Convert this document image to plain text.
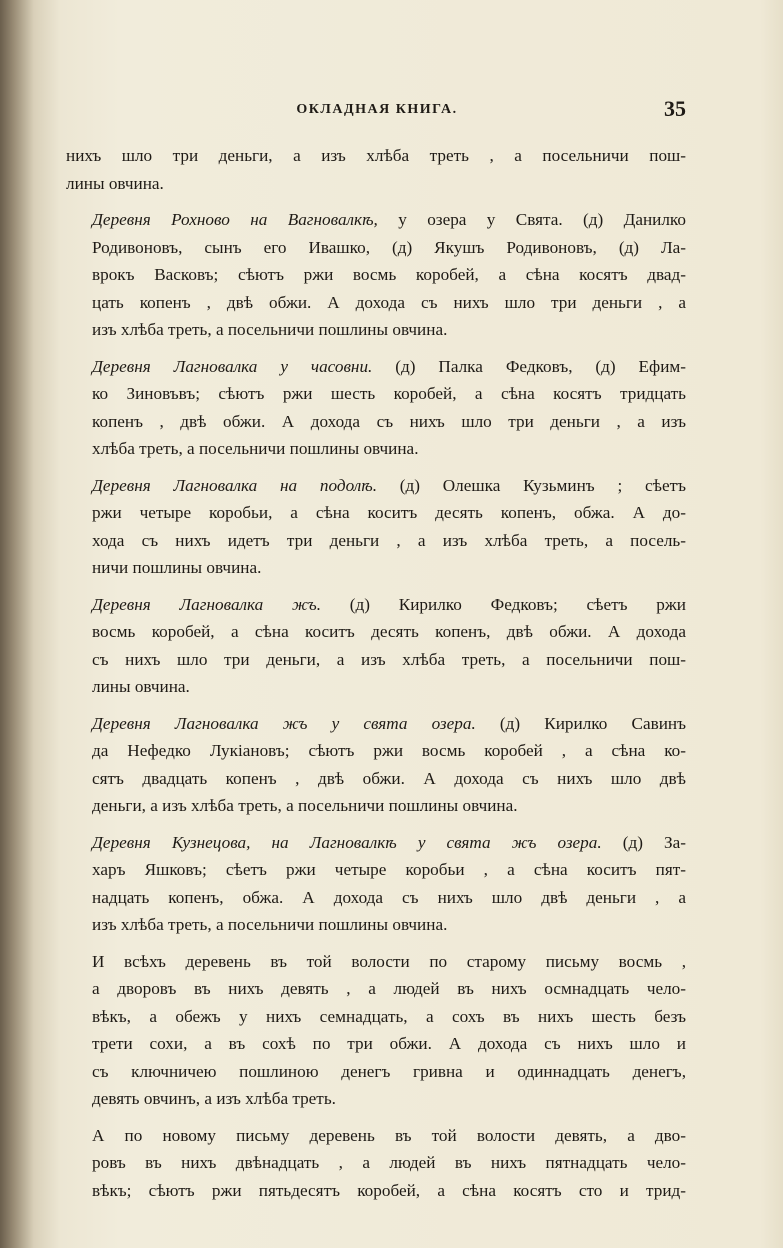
ОКЛАДНАЯ КНИГА.	35
нихъ шло три деньги, а изъ хлѣба треть , а посельничи пош-
лины овчина.
Деревня Рохново на Вагновалкѣ, у озера у Свята. (д) Данилко
Родивоновъ, сынъ его Ивашко, (д) Якушъ Родивоновъ, (д) Ла-
врокъ Васковъ; сѣютъ ржи восмь коробей, а сѣна косятъ двад-
цать копенъ , двѣ обжи. А дохода съ нихъ шло три деньги , а
изъ хлѣба треть, а посельничи пошлины овчина.
Деревня Лагновалка у часовни. (д) Палка Федковъ, (д) Ефим-
ко Зиновъвъ; сѣютъ ржи шесть коробей, а сѣна косятъ тридцать
копенъ , двѣ обжи. А дохода съ нихъ шло три деньги , а изъ
хлѣба треть, а посельничи пошлины овчина.
Деревня Лагновалка на подолѣ. (д) Олешка Кузьминъ ; сѣетъ
ржи четыре коробьи, а сѣна коситъ десять копенъ, обжа. А до-
хода съ нихъ идетъ три деньги , а изъ хлѣба треть, а посель-
ничи пошлины овчина.
Деревня Лагновалка жъ. (д) Кирилко Федковъ; сѣетъ ржи
восмь коробей, а сѣна коситъ десять копенъ, двѣ обжи. А дохода
съ нихъ шло три деньги, а изъ хлѣба треть, а посельничи пош-
лины овчина.
Деревня Лагновалка жъ у свята озера. (д) Кирилко Савинъ
да Нефедко Лукіановъ; сѣютъ ржи восмь коробей , а сѣна ко-
сятъ двадцать копенъ , двѣ обжи. А дохода съ нихъ шло двѣ
деньги, а изъ хлѣба треть, а посельничи пошлины овчина.
Деревня Кузнецова, на Лагновалкѣ у свята жъ озера. (д) За-
харъ Яшковъ; сѣетъ ржи четыре коробьи , а сѣна коситъ пят-
надцать копенъ, обжа. А дохода съ нихъ шло двѣ деньги , а
изъ хлѣба треть, а посельничи пошлины овчина.
И всѣхъ деревень въ той волости по старому письму восмь ,
а дворовъ въ нихъ девять , а людей въ нихъ осмнадцать чело-
вѣкъ, а обежъ у нихъ семнадцать, а сохъ въ нихъ шесть безъ
трети сохи, а въ сохѣ по три обжи. А дохода съ нихъ шло и
съ ключничею пошлиною денегъ гривна и одиннадцать денегъ,
девять овчинъ, а изъ хлѣба треть.
А по новому письму деревень въ той волости девять, а дво-
ровъ въ нихъ двѣнадцать , а людей въ нихъ пятнадцать чело-
вѣкъ; сѣютъ ржи пятьдесятъ коробей, а сѣна косятъ сто и трид-
